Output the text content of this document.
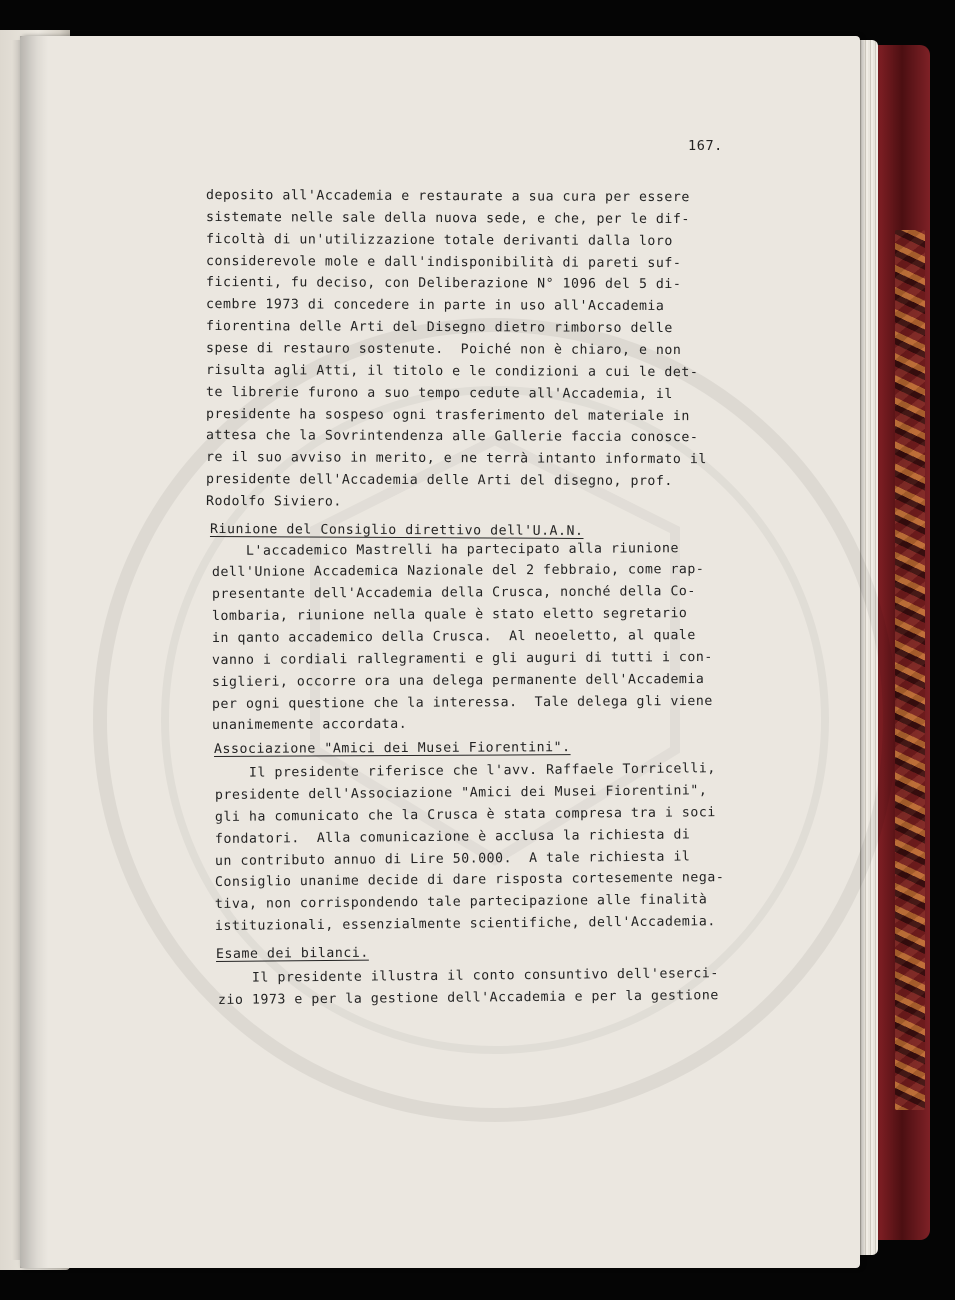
167.
deposito all'Accademia e restaurate a sua cura per essere
sistemate nelle sale della nuova sede, e che, per le dif-
ficoltà di un'utilizzazione totale derivanti dalla loro
considerevole mole e dall'indisponibilità di pareti suf-
ficienti, fu deciso, con Deliberazione N° 1096 del 5 di-
cembre 1973 di concedere in parte in uso all'Accademia
fiorentina delle Arti del Disegno dietro rimborso delle
spese di restauro sostenute.  Poiché non è chiaro, e non
risulta agli Atti, il titolo e le condizioni a cui le det-
te librerie furono a suo tempo cedute all'Accademia, il
presidente ha sospeso ogni trasferimento del materiale in
attesa che la Sovrintendenza alle Gallerie faccia conosce-
re il suo avviso in merito, e ne terrà intanto informato il
presidente dell'Accademia delle Arti del disegno, prof.
Rodolfo Siviero.
Riunione del Consiglio direttivo dell'U.A.N.
L'accademico Mastrelli ha partecipato alla riunione
dell'Unione Accademica Nazionale del 2 febbraio, come rap-
presentante dell'Accademia della Crusca, nonché della Co-
lombaria, riunione nella quale è stato eletto segretario
in qanto accademico della Crusca.  Al neoeletto, al quale
vanno i cordiali rallegramenti e gli auguri di tutti i con-
siglieri, occorre ora una delega permanente dell'Accademia
per ogni questione che la interessa.  Tale delega gli viene
unanimemente accordata.
Associazione "Amici dei Musei Fiorentini".
Il presidente riferisce che l'avv. Raffaele Torricelli,
presidente dell'Associazione "Amici dei Musei Fiorentini",
gli ha comunicato che la Crusca è stata compresa tra i soci
fondatori.  Alla comunicazione è acclusa la richiesta di
un contributo annuo di Lire 50.000.  A tale richiesta il
Consiglio unanime decide di dare risposta cortesemente nega-
tiva, non corrispondendo tale partecipazione alle finalità
istituzionali, essenzialmente scientifiche, dell'Accademia.
Esame dei bilanci.
Il presidente illustra il conto consuntivo dell'eserci-
zio 1973 e per la gestione dell'Accademia e per la gestione
